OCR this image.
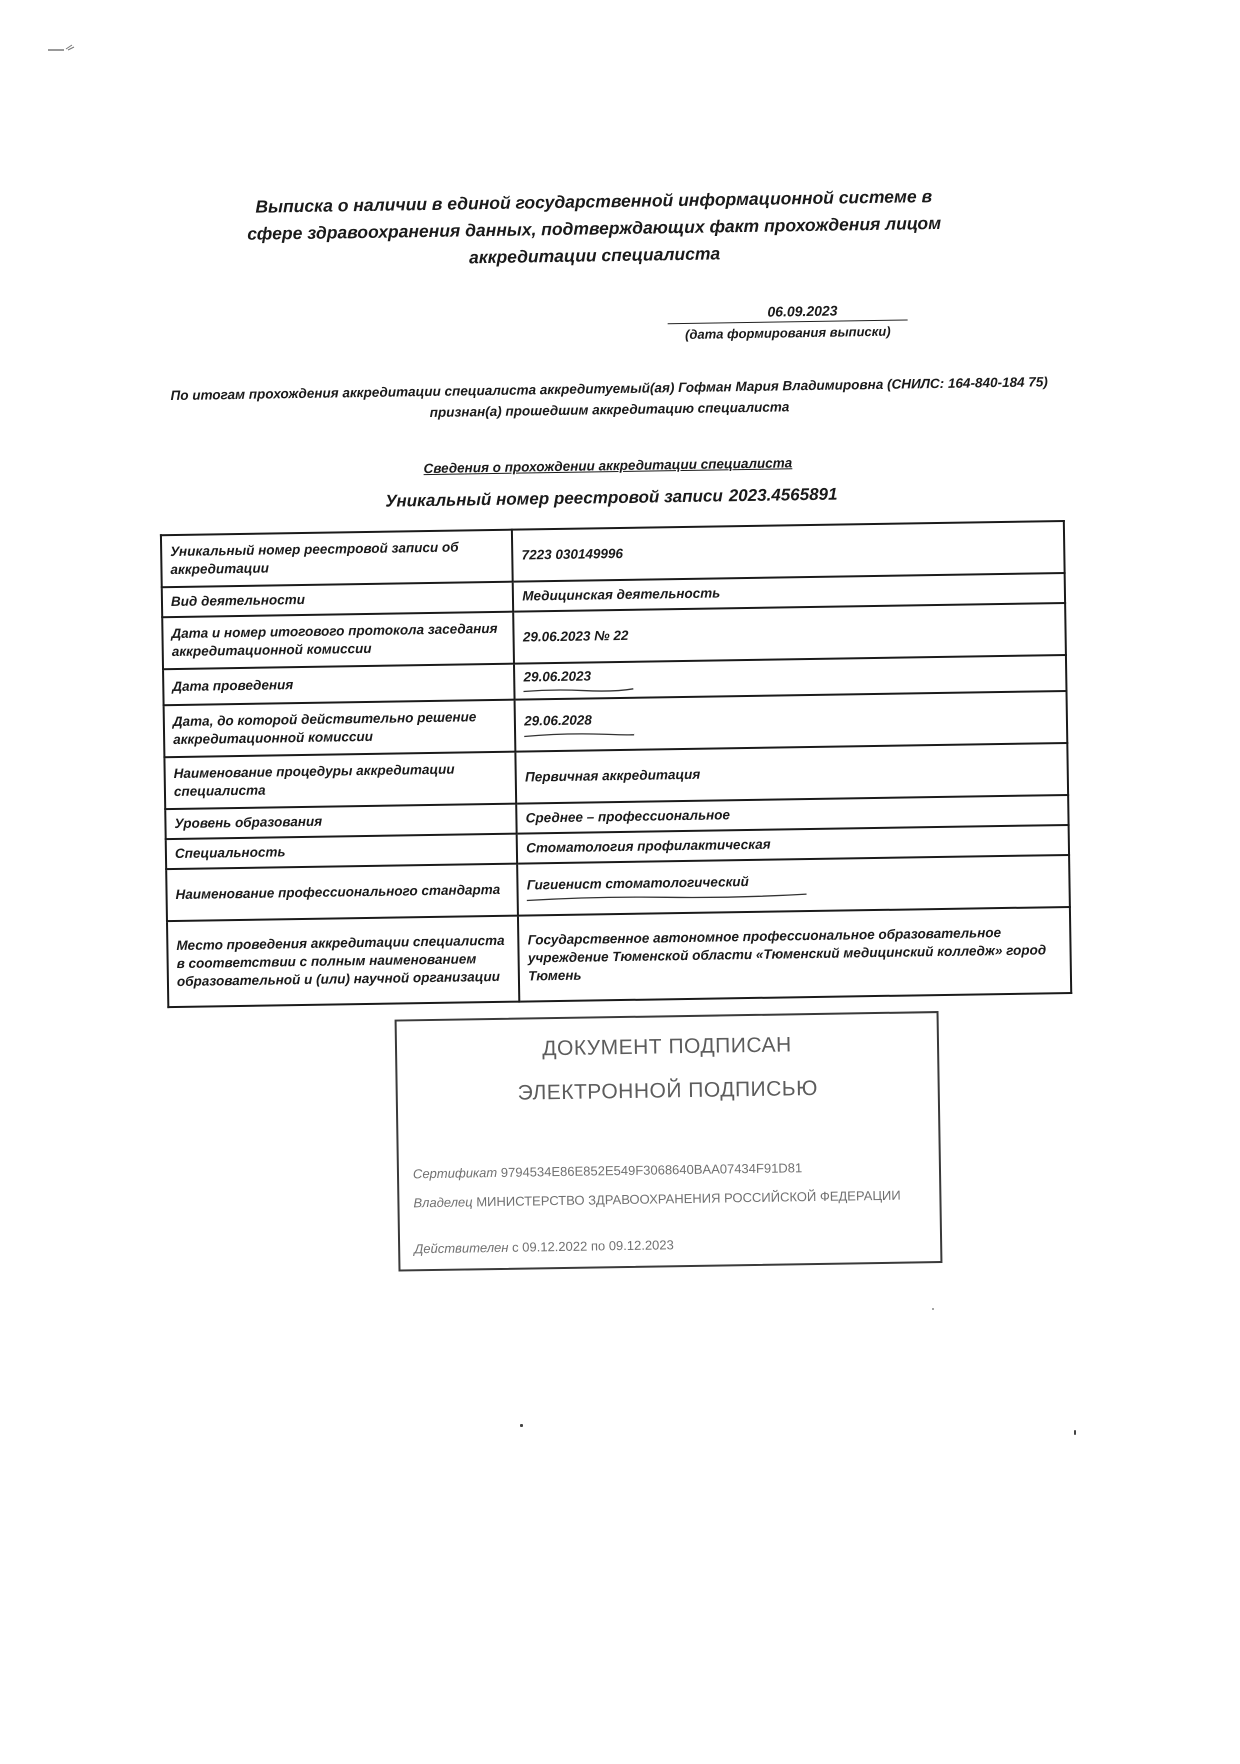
Выписка о наличии в единой государственной информационной системе в сфере здравоохранения данных, подтверждающих факт прохождения лицом аккредитации специалиста
06.09.2023
(дата формирования выписки)
По итогам прохождения аккредитации специалиста аккредитуемый(ая) Гофман Мария Владимировна (СНИЛС: 164-840-184 75) признан(а) прошедшим аккредитацию специалиста
Сведения о прохождении аккредитации специалиста
Уникальный номер реестровой записи 2023.4565891
Уникальный номер реестровой записи об аккредитации	7223 030149996
Вид деятельности	Медицинская деятельность
Дата и номер итогового протокола заседания аккредитационной комиссии	29.06.2023 № 22
Дата проведения	29.06.2023

Дата, до которой действительно решение аккредитационной комиссии	29.06.2028

Наименование процедуры аккредитации специалиста	Первичная аккредитация
Уровень образования	Среднее – профессиональное
Специальность	Стоматология профилактическая
Наименование профессионального стандарта	Гигиенист стоматологический

Место проведения аккредитации специалиста в соответствии с полным наименованием образовательной и (или) научной организации	Государственное автономное профессиональное образовательное учреждение Тюменской области «Тюменский медицинский колледж» город Тюмень
ДОКУМЕНТ ПОДПИСАН
ЭЛЕКТРОННОЙ ПОДПИСЬЮ
Сертификат 9794534E86E852E549F3068640BAA07434F91D81
Владелец МИНИСТЕРСТВО ЗДРАВООХРАНЕНИЯ РОССИЙСКОЙ ФЕДЕРАЦИИ
Действителен с 09.12.2022 по 09.12.2023
